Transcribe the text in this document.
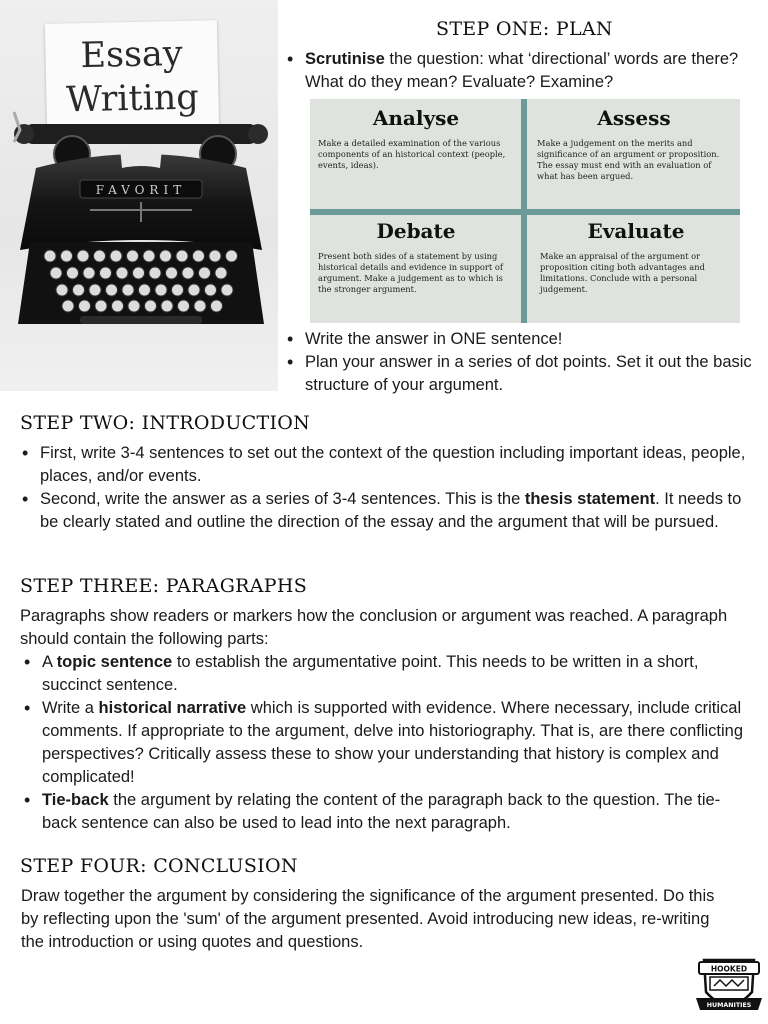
Essay
Writing
FAVORIT
STEP ONE: PLAN
• Scrutinise the question: what ‘directional’ words are there? What do they mean? Evaluate? Examine?

Analyse

Make a detailed examination of the various components of an historical context (people, events, ideas).

Assess

Make a judgement on the merits and significance of an argument or proposition. The essay must end with an evaluation of what has been argued.

Debate

Present both sides of a statement by using historical details and evidence in support of argument. Make a judgement as to which is the stronger argument.

Evaluate

Make an appraisal of the argument or proposition citing both advantages and limitations. Conclude with a personal judgement.

• Write the answer in ONE sentence!
• Plan your answer in a series of dot points. Set it out the basic structure of your argument.
STEP TWO: INTRODUCTION
• First, write 3-4 sentences to set out the context of the question including important ideas, people, places, and/or events.
• Second, write the answer as a series of 3-4 sentences. This is the thesis statement. It needs to be clearly stated and outline the direction of the essay and the argument that will be pursued.
STEP THREE: PARAGRAPHS

Paragraphs show readers or markers how the conclusion or argument was reached. A paragraph should contain the following parts:

• A topic sentence to establish the argumentative point. This needs to be written in a short, succinct sentence.
• Write a historical narrative which is supported with evidence. Where necessary, include critical comments. If appropriate to the argument, delve into historiography. That is, are there conflicting perspectives? Critically assess these to show your understanding that history is complex and complicated!
• Tie-back the argument by relating the content of the paragraph back to the question. The tie-back sentence can also be used to lead into the next paragraph.
STEP FOUR: CONCLUSION

Draw together the argument by considering the significance of the argument presented. Do this by reflecting upon the 'sum' of the argument presented. Avoid introducing new ideas, re-writing the introduction or using quotes and questions.

HOOKED
HUMANITIES
